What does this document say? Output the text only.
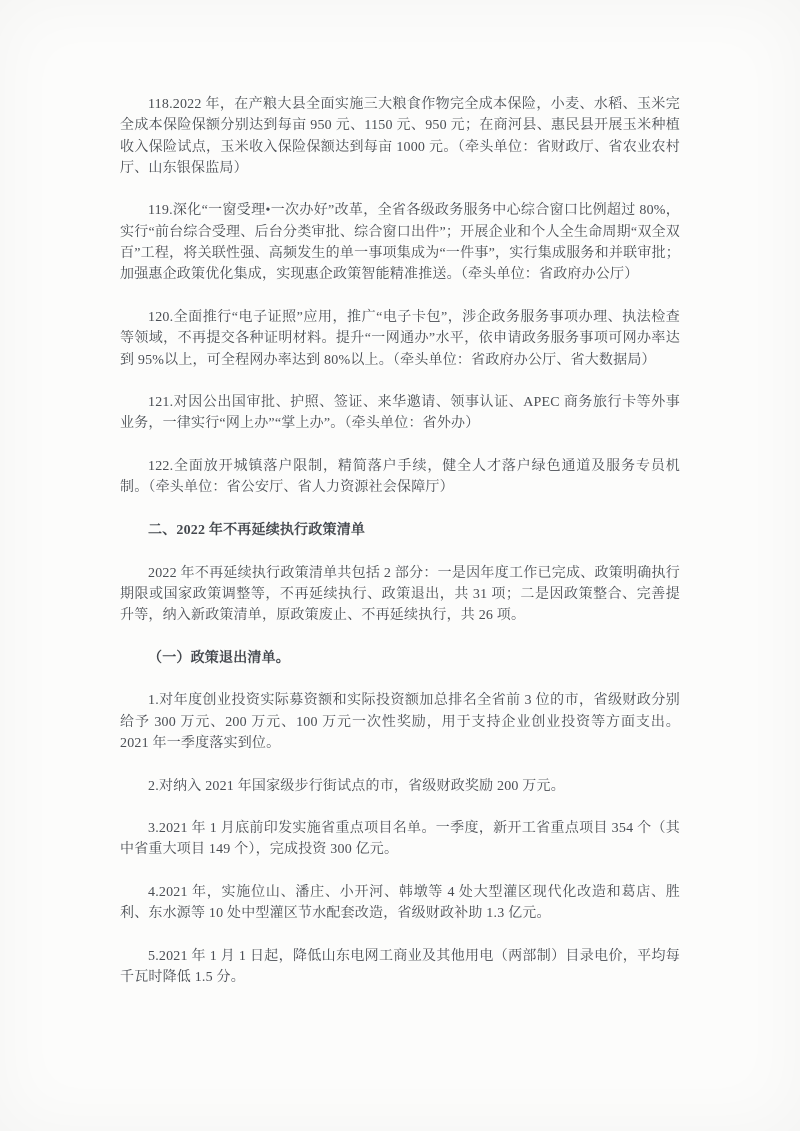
118.2022 年，在产粮大县全面实施三大粮食作物完全成本保险，小麦、水稻、玉米完全成本保险保额分别达到每亩 950 元、1150 元、950 元；在商河县、惠民县开展玉米种植收入保险试点，玉米收入保险保额达到每亩 1000 元。（牵头单位：省财政厅、省农业农村厅、山东银保监局）

119.深化“一窗受理•一次办好”改革，全省各级政务服务中心综合窗口比例超过 80%，实行“前台综合受理、后台分类审批、综合窗口出件”；开展企业和个人全生命周期“双全双百”工程，将关联性强、高频发生的单一事项集成为“一件事”，实行集成服务和并联审批；加强惠企政策优化集成，实现惠企政策智能精准推送。（牵头单位：省政府办公厅）

120.全面推行“电子证照”应用，推广“电子卡包”，涉企政务服务事项办理、执法检查等领域，不再提交各种证明材料。提升“一网通办”水平，依申请政务服务事项可网办率达到 95%以上，可全程网办率达到 80%以上。（牵头单位：省政府办公厅、省大数据局）

121.对因公出国审批、护照、签证、来华邀请、领事认证、APEC 商务旅行卡等外事业务，一律实行“网上办”“掌上办”。（牵头单位：省外办）

122.全面放开城镇落户限制，精简落户手续，健全人才落户绿色通道及服务专员机制。（牵头单位：省公安厅、省人力资源社会保障厅）

二、2022 年不再延续执行政策清单

2022 年不再延续执行政策清单共包括 2 部分：一是因年度工作已完成、政策明确执行期限或国家政策调整等，不再延续执行、政策退出，共 31 项；二是因政策整合、完善提升等，纳入新政策清单，原政策废止、不再延续执行，共 26 项。

（一）政策退出清单。

1.对年度创业投资实际募资额和实际投资额加总排名全省前 3 位的市，省级财政分别给予 300 万元、200 万元、100 万元一次性奖励，用于支持企业创业投资等方面支出。2021 年一季度落实到位。

2.对纳入 2021 年国家级步行街试点的市，省级财政奖励 200 万元。

3.2021 年 1 月底前印发实施省重点项目名单。一季度，新开工省重点项目 354 个（其中省重大项目 149 个），完成投资 300 亿元。

4.2021 年，实施位山、潘庄、小开河、韩墩等 4 处大型灌区现代化改造和葛店、胜利、东水源等 10 处中型灌区节水配套改造，省级财政补助 1.3 亿元。

5.2021 年 1 月 1 日起，降低山东电网工商业及其他用电（两部制）目录电价，平均每千瓦时降低 1.5 分。
